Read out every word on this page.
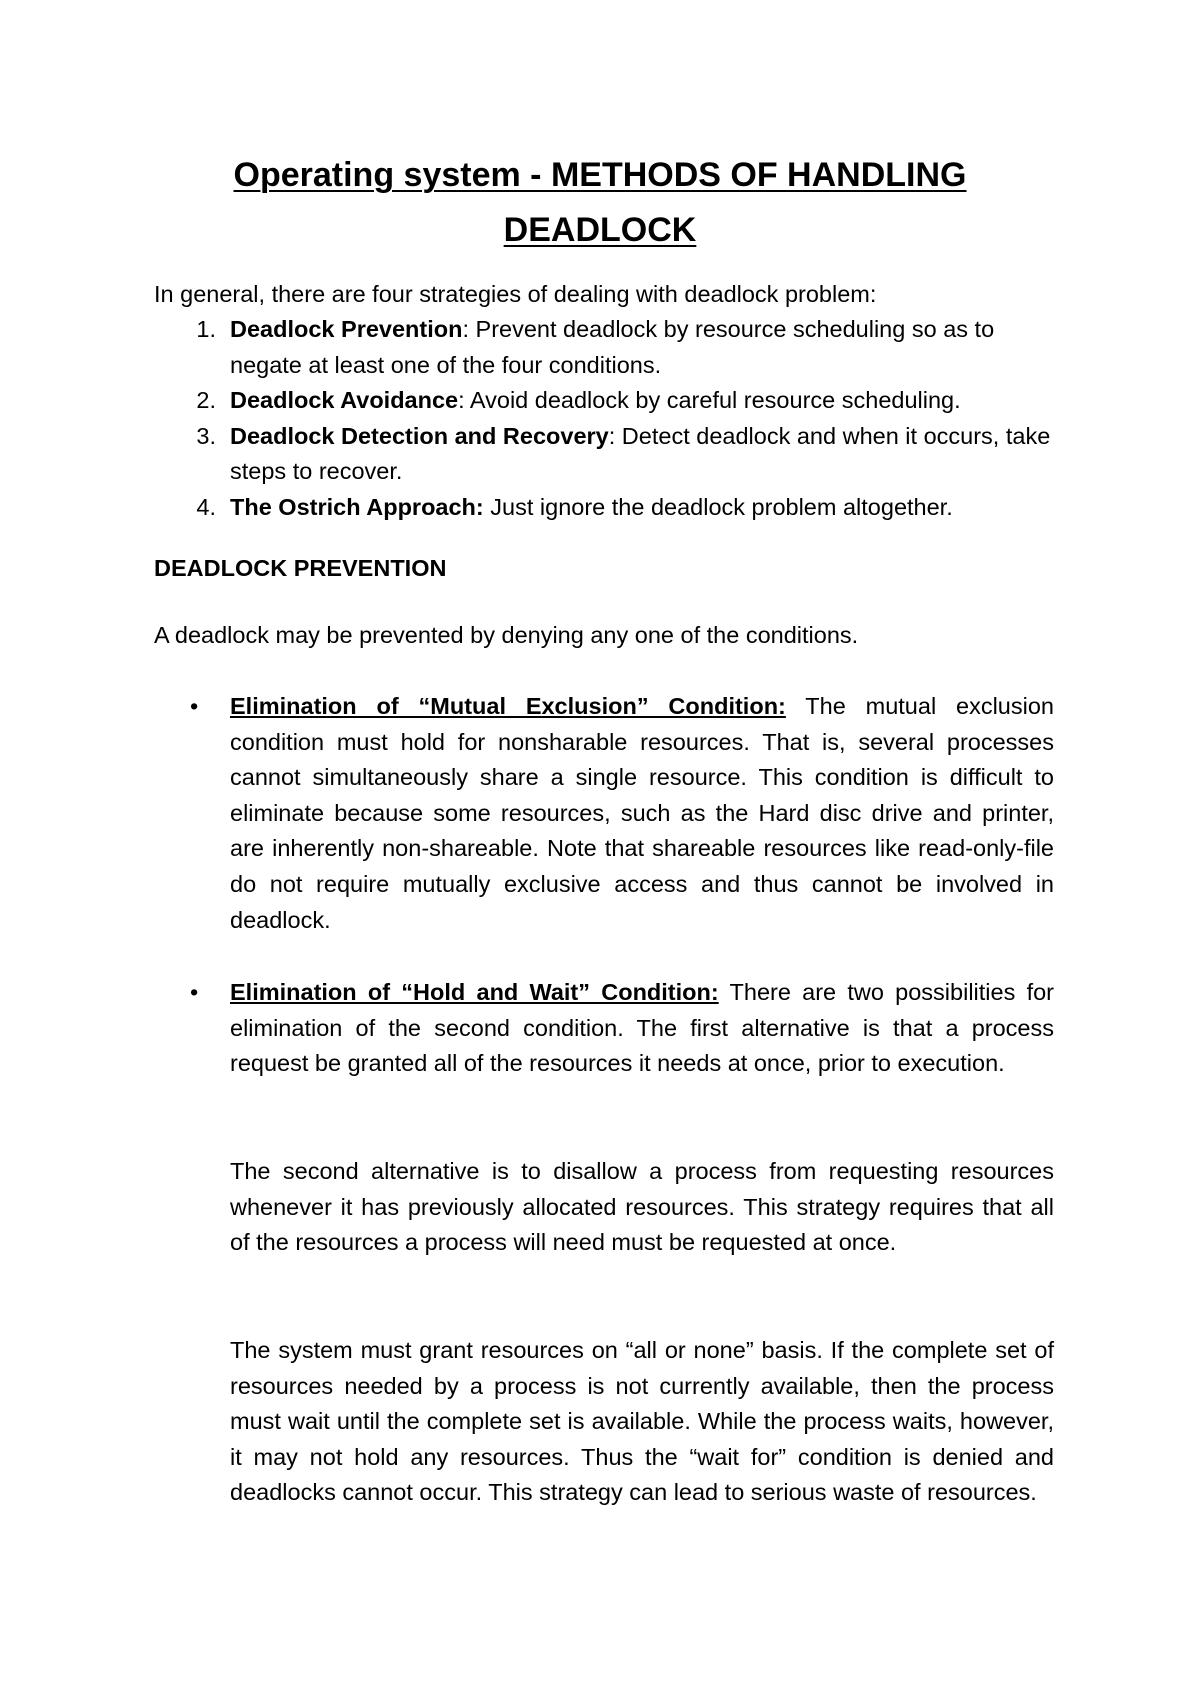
Operating system - METHODS OF HANDLING DEADLOCK
In general, there are four strategies of dealing with deadlock problem:
1. Deadlock Prevention: Prevent deadlock by resource scheduling so as to negate at least one of the four conditions.
2. Deadlock Avoidance: Avoid deadlock by careful resource scheduling.
3. Deadlock Detection and Recovery: Detect deadlock and when it occurs, take steps to recover.
4. The Ostrich Approach: Just ignore the deadlock problem altogether.
DEADLOCK PREVENTION
A deadlock may be prevented by denying any one of the conditions.
•	Elimination of “Mutual Exclusion” Condition: The mutual exclusion condition must hold for nonsharable resources. That is, several processes cannot simultaneously share a single resource. This condition is difficult to eliminate because some resources, such as the Hard disc drive and printer, are inherently non-shareable. Note that shareable resources like read-only-file do not require mutually exclusive access and thus cannot be involved in deadlock.
•	Elimination of “Hold and Wait” Condition: There are two possibilities for elimination of the second condition. The first alternative is that a process request be granted all of the resources it needs at once, prior to execution.
The second alternative is to disallow a process from requesting resources whenever it has previously allocated resources. This strategy requires that all of the resources a process will need must be requested at once.
The system must grant resources on “all or none” basis. If the complete set of resources needed by a process is not currently available, then the process must wait until the complete set is available. While the process waits, however, it may not hold any resources. Thus the “wait for” condition is denied and deadlocks cannot occur. This strategy can lead to serious waste of resources.
